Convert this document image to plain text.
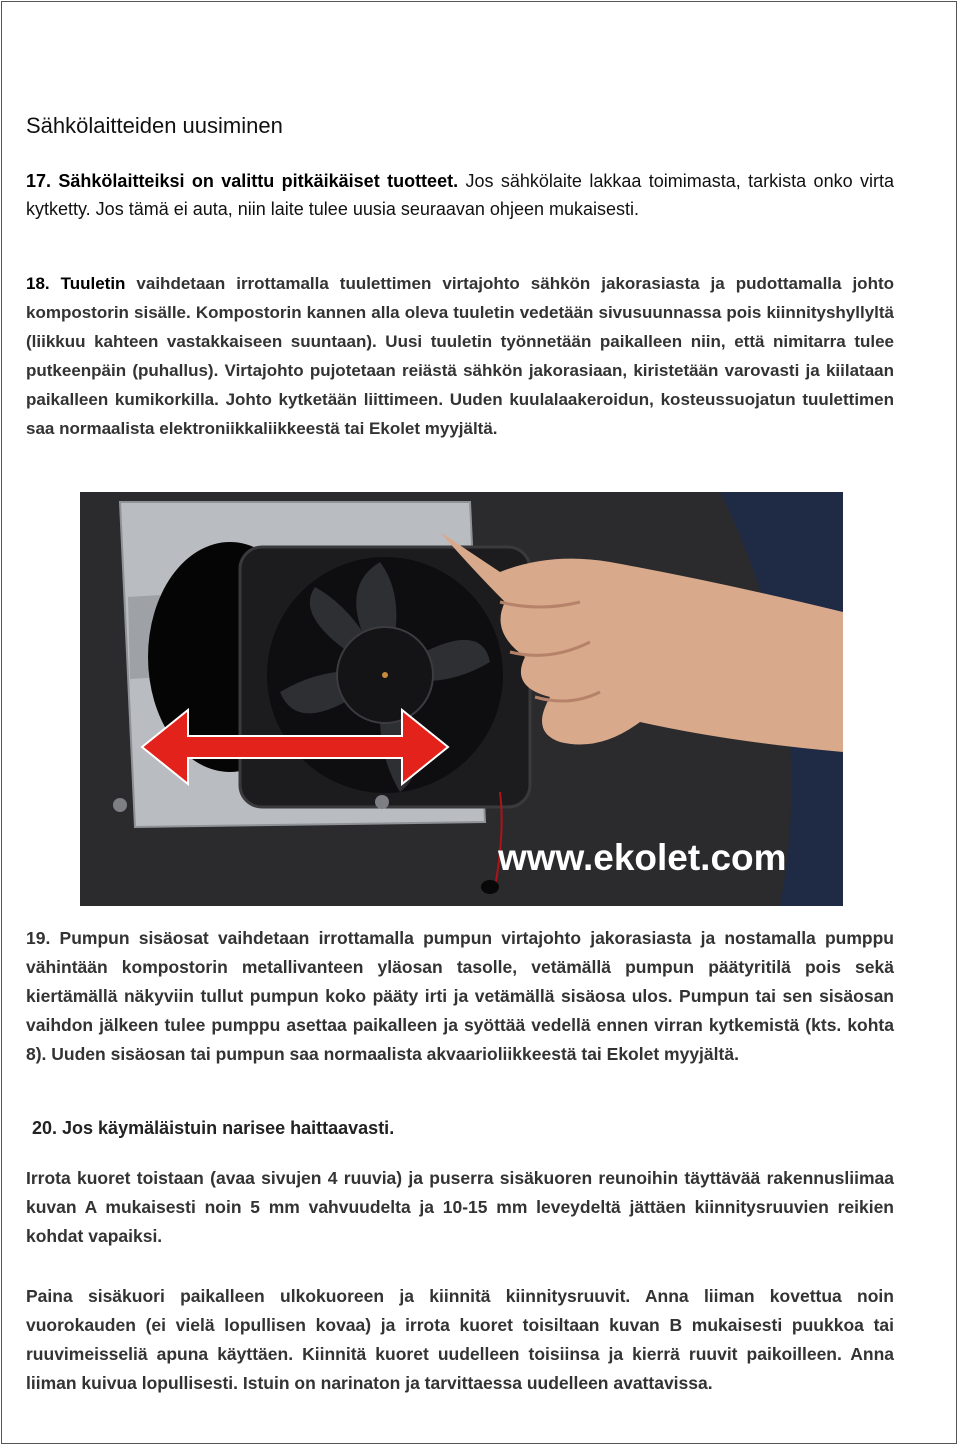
Sähkölaitteiden uusiminen

17. Sähkölaitteiksi on valittu pitkäikäiset tuotteet. Jos sähkölaite lakkaa toimimasta, tarkista onko virta kytketty. Jos tämä ei auta, niin laite tulee uusia seuraavan ohjeen mukaisesti.

18. Tuuletin vaihdetaan irrottamalla tuulettimen virtajohto sähkön jakorasiasta ja pudottamalla johto kompostorin sisälle. Kompostorin kannen alla oleva tuuletin vedetään sivusuunnassa pois kiinnityshyllyltä (liikkuu kahteen vastakkaiseen suuntaan). Uusi tuuletin työnnetään paikalleen niin, että nimitarra tulee putkeenpäin (puhallus). Virtajohto pujotetaan reiästä sähkön jakorasiaan, kiristetään varovasti ja kiilataan paikalleen kumikorkilla. Johto kytketään liittimeen. Uuden kuulalaakeroidun, kosteussuojatun tuulettimen saa normaalista elektroniikkaliikkeestä tai Ekolet myyjältä.

www.ekolet.com

19. Pumpun sisäosat vaihdetaan irrottamalla pumpun virtajohto jakorasiasta ja nostamalla pumppu vähintään kompostorin metallivanteen yläosan tasolle, vetämällä pumpun päätyritilä pois sekä kiertämällä näkyviin tullut pumpun koko pääty irti ja vetämällä sisäosa ulos. Pumpun tai sen sisäosan vaihdon jälkeen tulee pumppu asettaa paikalleen ja syöttää vedellä ennen virran kytkemistä (kts. kohta 8). Uuden sisäosan tai pumpun saa normaalista akvaarioliikkeestä tai Ekolet myyjältä.

20. Jos käymäläistuin narisee haittaavasti.

Irrota kuoret toistaan (avaa sivujen 4 ruuvia) ja puserra sisäkuoren reunoihin täyttävää rakennusliimaa kuvan A mukaisesti noin 5 mm vahvuudelta ja 10-15 mm leveydeltä jättäen kiinnitysruuvien reikien kohdat vapaiksi.

Paina sisäkuori paikalleen ulkokuoreen ja kiinnitä kiinnitysruuvit. Anna liiman kovettua noin vuorokauden (ei vielä lopullisen kovaa) ja irrota kuoret toisiltaan kuvan B mukaisesti puukkoa tai ruuvimeisseliä apuna käyttäen. Kiinnitä kuoret uudelleen toisiinsa ja kierrä ruuvit paikoilleen. Anna liiman kuivua lopullisesti. Istuin on narinaton ja tarvittaessa uudelleen avattavissa.
